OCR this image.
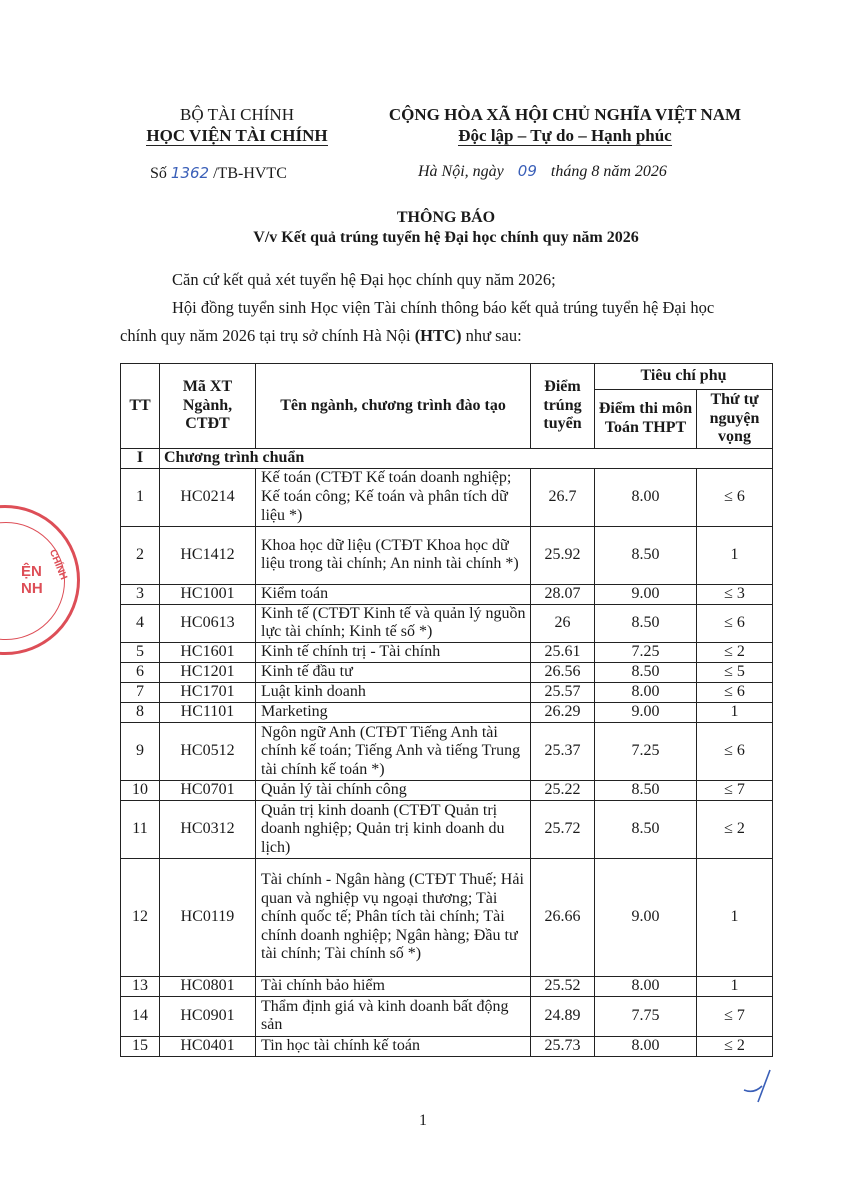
BỘ TÀI CHÍNH
HỌC VIỆN TÀI CHÍNH
CỘNG HÒA XÃ HỘI CHỦ NGHĨA VIỆT NAM
Độc lập – Tự do – Hạnh phúc
Số 1362 /TB-HVTC	Hà Nội, ngày 09 tháng 8 năm 2026
THÔNG BÁO
V/v Kết quả trúng tuyển hệ Đại học chính quy năm 2026
Căn cứ kết quả xét tuyển hệ Đại học chính quy năm 2026;
Hội đồng tuyển sinh Học viện Tài chính thông báo kết quả trúng tuyển hệ Đại học
chính quy năm 2026 tại trụ sở chính Hà Nội (HTC) như sau:
TT	Mã XT Ngành, CTĐT	Tên ngành, chương trình đào tạo	Điểm trúng tuyển	Tiêu chí phụ	
				Điểm thi môn Toán THPT	Thứ tự nguyện vọng
I	Chương trình chuẩn				
1	HC0214	Kế toán (CTĐT Kế toán doanh nghiệp; Kế toán công; Kế toán và phân tích dữ liệu *)	26.7	8.00	≤ 6
2	HC1412	Khoa học dữ liệu (CTĐT Khoa học dữ liệu trong tài chính; An ninh tài chính *)	25.92	8.50	1
3	HC1001	Kiểm toán	28.07	9.00	≤ 3
4	HC0613	Kinh tế (CTĐT Kinh tế và quản lý nguồn lực tài chính; Kinh tế số *)	26	8.50	≤ 6
5	HC1601	Kinh tế chính trị - Tài chính	25.61	7.25	≤ 2
6	HC1201	Kinh tế đầu tư	26.56	8.50	≤ 5
7	HC1701	Luật kinh doanh	25.57	8.00	≤ 6
8	HC1101	Marketing	26.29	9.00	1
9	HC0512	Ngôn ngữ Anh (CTĐT Tiếng Anh tài chính kế toán; Tiếng Anh và tiếng Trung tài chính kế toán *)	25.37	7.25	≤ 6
10	HC0701	Quản lý tài chính công	25.22	8.50	≤ 7
11	HC0312	Quản trị kinh doanh (CTĐT Quản trị doanh nghiệp; Quản trị kinh doanh du lịch)	25.72	8.50	≤ 2
12	HC0119	Tài chính - Ngân hàng (CTĐT Thuế; Hải quan và nghiệp vụ ngoại thương; Tài chính quốc tế; Phân tích tài chính; Tài chính doanh nghiệp; Ngân hàng; Đầu tư tài chính; Tài chính số *)	26.66	9.00	1
13	HC0801	Tài chính bảo hiểm	25.52	8.00	1
14	HC0901	Thẩm định giá và kinh doanh bất động sản	24.89	7.75	≤ 7
15	HC0401	Tin học tài chính kế toán	25.73	8.00	≤ 2
ỆN
NH
CHÍNH
1
